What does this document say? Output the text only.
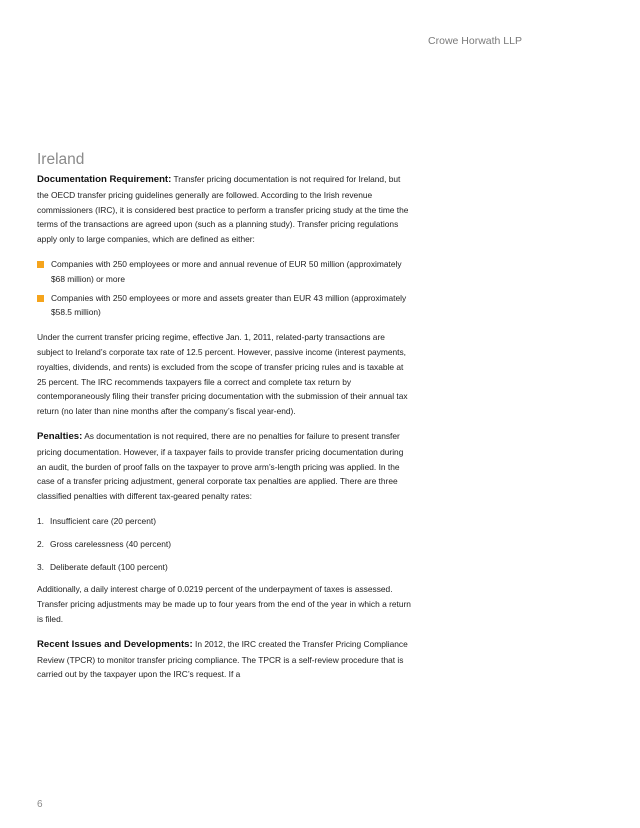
Crowe Horwath LLP
Ireland

Documentation Requirement: Transfer pricing documentation is not required for Ireland, but the OECD transfer pricing guidelines generally are followed. According to the Irish revenue commissioners (IRC), it is considered best practice to perform a transfer pricing study at the time the terms of the transactions are agreed upon (such as a planning study). Transfer pricing regulations apply only to large companies, which are defined as either:

Companies with 250 employees or more and annual revenue of EUR 50 million (approximately $68 million) or more
Companies with 250 employees or more and assets greater than EUR 43 million (approximately $58.5 million)

Under the current transfer pricing regime, effective Jan. 1, 2011, related-party transactions are subject to Ireland’s corporate tax rate of 12.5 percent. However, passive income (interest payments, royalties, dividends, and rents) is excluded from the scope of transfer pricing rules and is taxable at 25 percent. The IRC recommends taxpayers file a correct and complete tax return by contemporaneously filing their transfer pricing documentation with the submission of their annual tax return (no later than nine months after the company’s fiscal year-end).

Penalties: As documentation is not required, there are no penalties for failure to present transfer pricing documentation. However, if a taxpayer fails to provide transfer pricing documentation during an audit, the burden of proof falls on the taxpayer to prove arm’s-length pricing was applied. In the case of a transfer pricing adjustment, general corporate tax penalties are applied. There are three classified penalties with different tax-geared penalty rates:

1. Insufficient care (20 percent)
2. Gross carelessness (40 percent)
3. Deliberate default (100 percent)

Additionally, a daily interest charge of 0.0219 percent of the underpayment of taxes is assessed. Transfer pricing adjustments may be made up to four years from the end of the year in which a return is filed.

Recent Issues and Developments: In 2012, the IRC created the Transfer Pricing Compliance Review (TPCR) to monitor transfer pricing compliance. The TPCR is a self-review procedure that is carried out by the taxpayer upon the IRC’s request. If a

6
